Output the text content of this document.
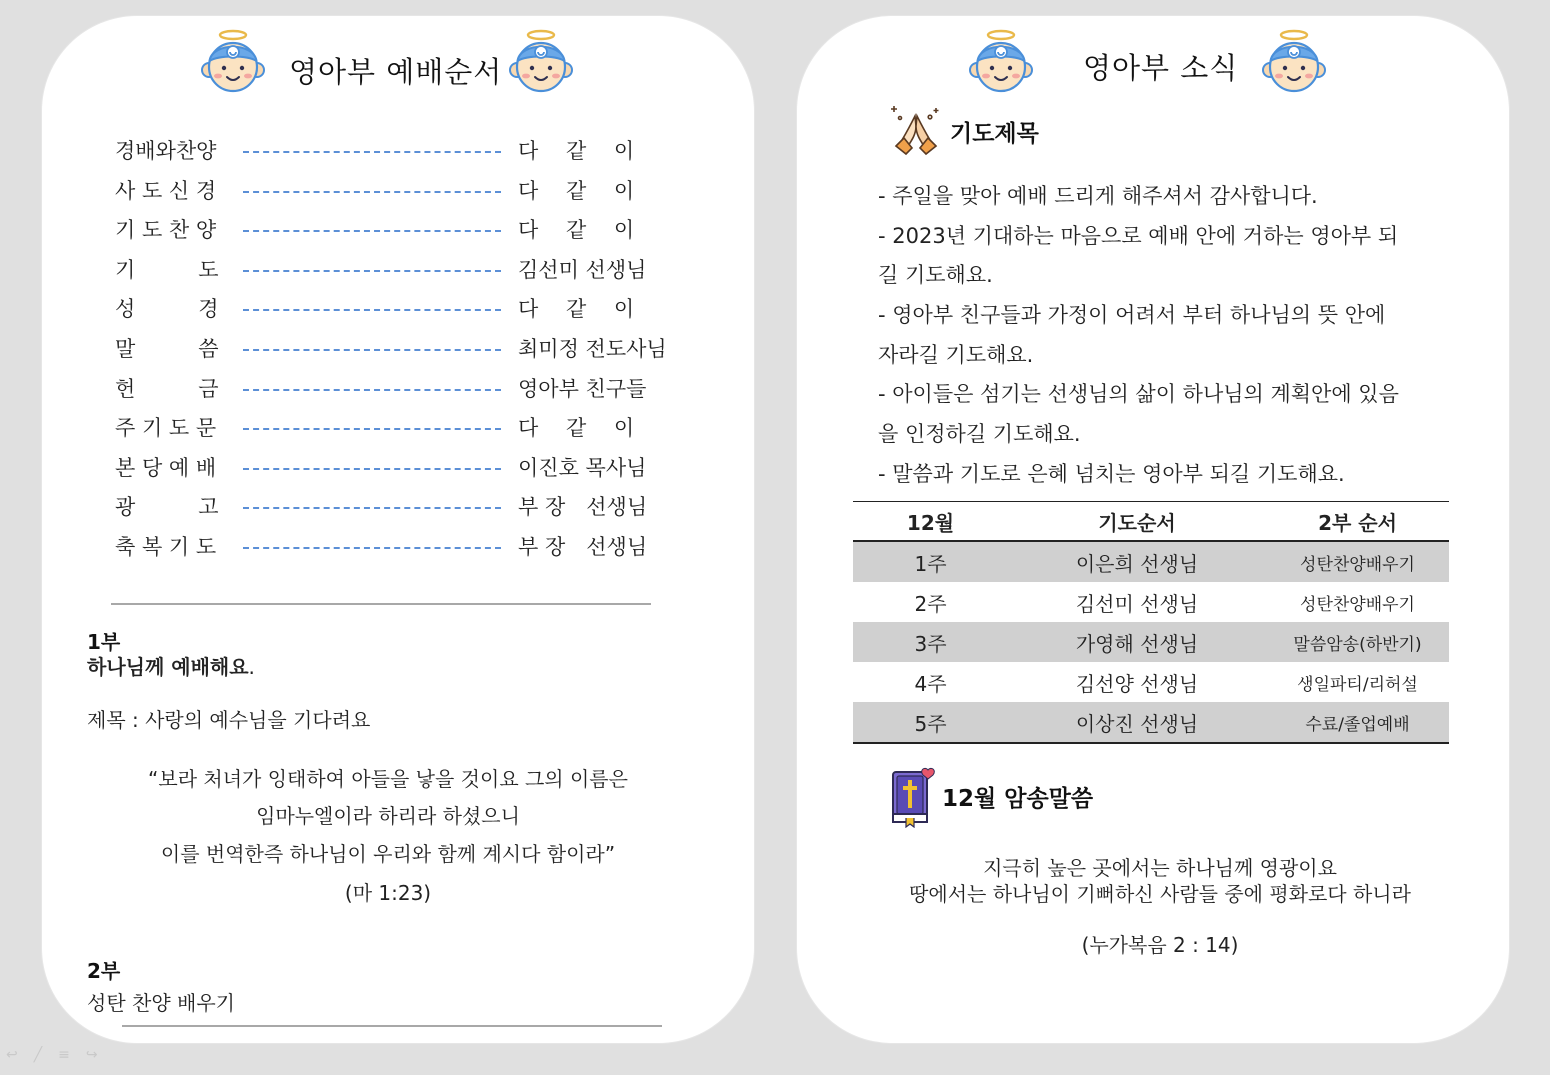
영아부 예배순서
경배와찬양	다　 같　 이
사 도 신 경	다　 같　 이
기 도 찬 양	다　 같　 이
기　　　도	김선미 선생님
성　　　경	다　 같　 이
말　　　씀	최미정 전도사님
헌　　　금	영아부 친구들
주 기 도 문	다　 같　 이
본 당 예 배	이진호 목사님
광　　　고	부 장　선생님
축 복 기 도	부 장　선생님
1부
하나님께 예배해요.
제목 : 사랑의 예수님을 기다려요
“보라 처녀가 잉태하여 아들을 낳을 것이요 그의 이름은
임마누엘이라 하리라 하셨으니
이를 번역한즉 하나님이 우리와 함께 계시다 함이라”
(마 1:23)
2부
성탄 찬양 배우기
영아부 소식
기도제목
- 주일을 맞아 예배 드리게 해주셔서 감사합니다.
- 2023년 기대하는 마음으로 예배 안에 거하는 영아부 되
길 기도해요.
- 영아부 친구들과 가정이 어려서 부터 하나님의 뜻 안에
자라길 기도해요.
- 아이들은 섬기는 선생님의 삶이 하나님의 계획안에 있음
을 인정하길 기도해요.
- 말씀과 기도로 은혜 넘치는 영아부 되길 기도해요.
12월	기도순서	2부 순서
1주	이은희 선생님	성탄찬양배우기
2주	김선미 선생님	성탄찬양배우기
3주	가영해 선생님	말씀암송(하반기)
4주	김선양 선생님	생일파티/리허설
5주	이상진 선생님	수료/졸업예배
12월 암송말씀
지극히 높은 곳에서는 하나님께 영광이요
땅에서는 하나님이 기뻐하신 사람들 중에 평화로다 하니라
(누가복음 2 : 14)
↩╱≡↪
